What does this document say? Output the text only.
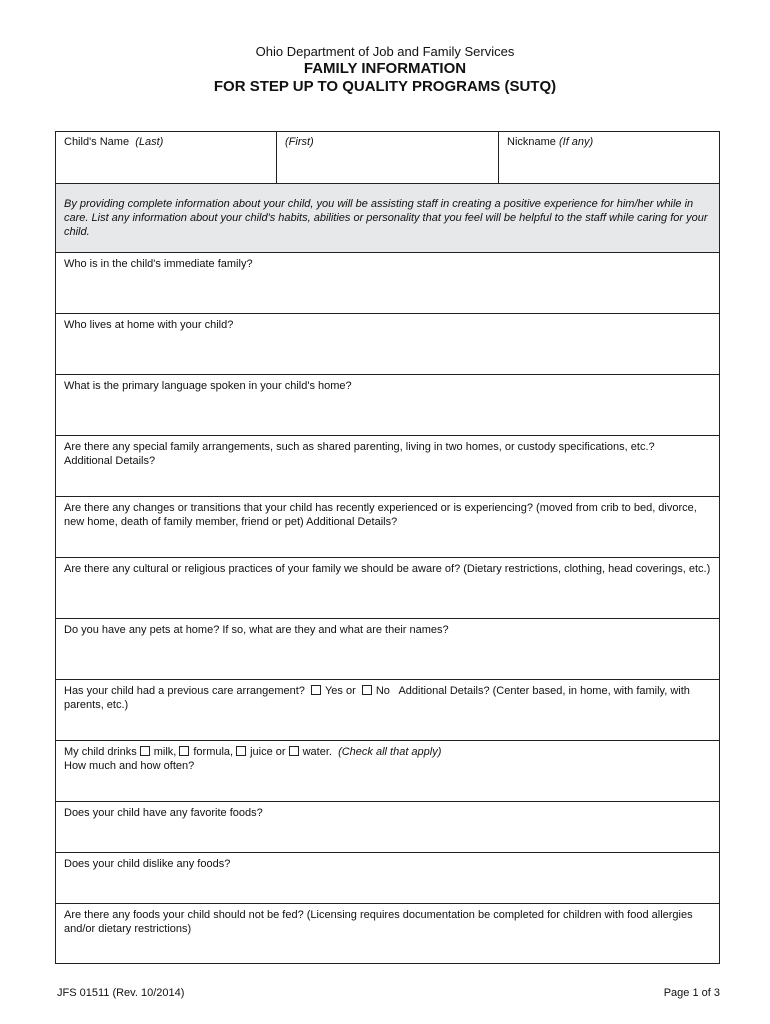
Ohio Department of Job and Family Services
FAMILY INFORMATION
FOR STEP UP TO QUALITY PROGRAMS (SUTQ)
Child's Name (Last)	(First)	Nickname (If any)
By providing complete information about your child, you will be assisting staff in creating a positive experience for him/her while in care. List any information about your child's habits, abilities or personality that you feel will be helpful to the staff while caring for your child.
Who is in the child's immediate family?
Who lives at home with your child?
What is the primary language spoken in your child's home?
Are there any special family arrangements, such as shared parenting, living in two homes, or custody specifications, etc.?
Additional Details?
Are there any changes or transitions that your child has recently experienced or is experiencing? (moved from crib to bed, divorce, new home, death of family member, friend or pet) Additional Details?
Are there any cultural or religious practices of your family we should be aware of? (Dietary restrictions, clothing, head coverings, etc.)
Do you have any pets at home? If so, what are they and what are their names?
Has your child had a previous care arrangement? Yes or No Additional Details? (Center based, in home, with family, with parents, etc.)
My child drinks milk, formula, juice or water. (Check all that apply)
How much and how often?
Does your child have any favorite foods?
Does your child dislike any foods?
Are there any foods your child should not be fed? (Licensing requires documentation be completed for children with food allergies and/or dietary restrictions)
JFS 01511 (Rev. 10/2014)	Page 1 of 3
